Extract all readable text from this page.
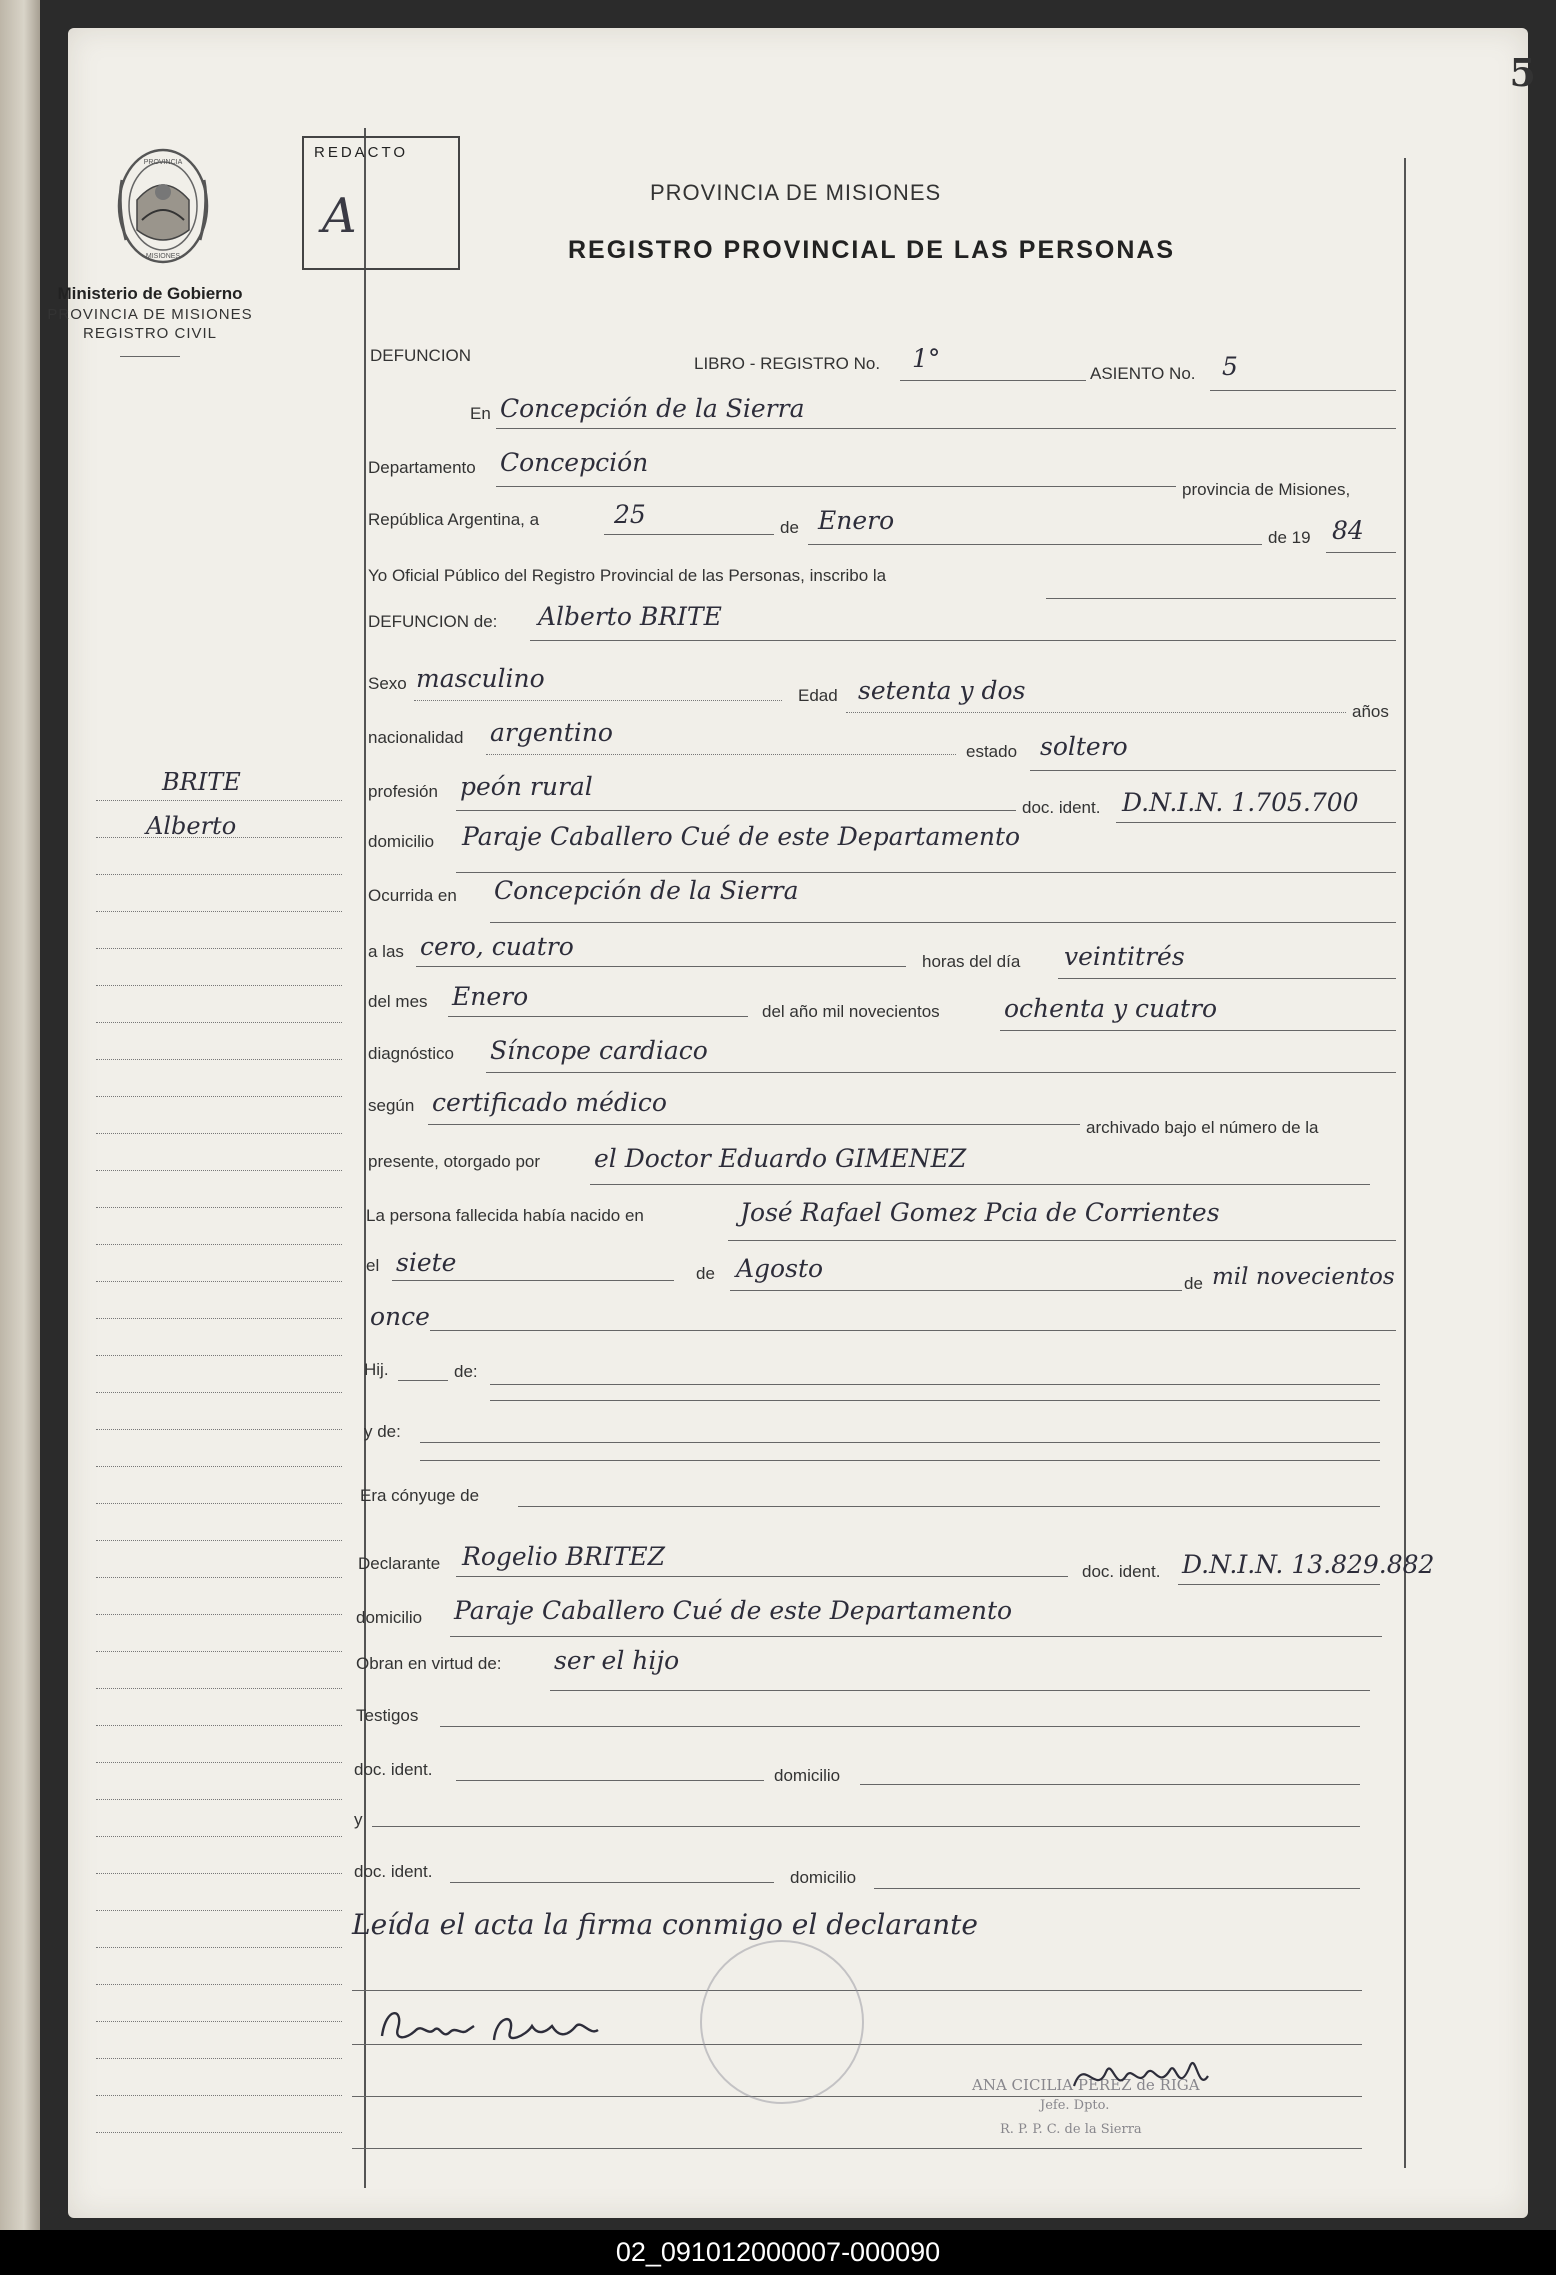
5
PROVINCIA
MISIONES
Ministerio de Gobierno
PROVINCIA DE MISIONES
REGISTRO CIVIL
REDACTO
A	PROVINCIA DE MISIONES
REGISTRO PROVINCIAL DE LAS PERSONAS
BRITE
Alberto
DEFUNCION	LIBRO - REGISTRO No. 1°
ASIENTO No. 5
En Concepción de la Sierra
Departamento Concepción
provincia de Misiones,
República Argentina, a	25	de Enero
de 19 84
Yo Oficial Público del Registro Provincial de las Personas, inscribo la
DEFUNCION de: Alberto BRITE
Sexo masculino
Edad setenta y dos
años
nacionalidad argentino
estado soltero
profesión peón rural
doc. ident. D.N.I.N. 1.705.700
domicilio Paraje Caballero Cué de este Departamento
Ocurrida en Concepción de la Sierra
a las cero, cuatro
horas del día veintitrés
del mes Enero
del año mil novecientos	ochenta y cuatro
diagnóstico Síncope cardiaco
según certificado médico
archivado bajo el número de la
presente, otorgado por el Doctor Eduardo GIMENEZ
La persona fallecida había nacido en	José Rafael Gomez Pcia de Corrientes
el siete	de Agosto
de mil novecientos
once
Hij.	de:
y de:
Era cónyuge de
Declarante Rogelio BRITEZ
doc. ident. D.N.I.N. 13.829.882
domicilio Paraje Caballero Cué de este Departamento
Obran en virtud de: ser el hijo
Testigos
doc. ident.	domicilio
y
doc. ident.	domicilio
Leída el acta la firma conmigo el declarante
ANA CICILIA PEREZ de RIGA
Jefe. Dpto.
R. P. P. C. de la Sierra
02_091012000007-000090
